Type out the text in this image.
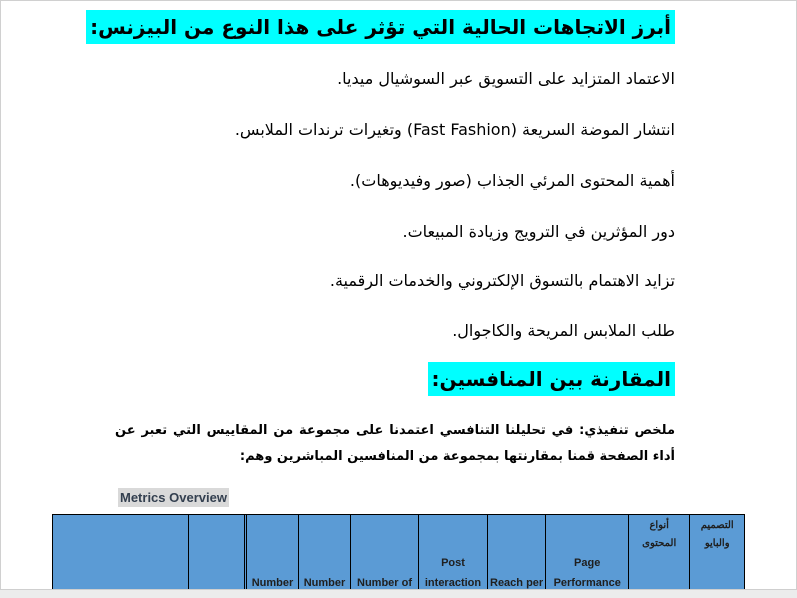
أبرز الاتجاهات الحالية التي تؤثر على هذا النوع من البيزنس:
الاعتماد المتزايد على التسويق عبر السوشيال ميديا.
انتشار الموضة السريعة (Fast Fashion) وتغيرات ترندات الملابس.
أهمية المحتوى المرئي الجذاب (صور وفيديوهات).
دور المؤثرين في الترويج وزيادة المبيعات.
تزايد الاهتمام بالتسوق الإلكتروني والخدمات الرقمية.
طلب الملابس المريحة والكاجوال.
المقارنة بين المنافسين:
ملخص تنفيذي: في تحليلنا التنافسي اعتمدنا على مجموعة من المقاييس التي تعبر عن أداء الصفحة قمنا بمقارنتها بمجموعة من المنافسين المباشرين وهم:
Metrics Overview
			Number	Number	Number of	Post interaction	Reach per	Page Performance	أنواع المحتوى	التصميم والبايو
